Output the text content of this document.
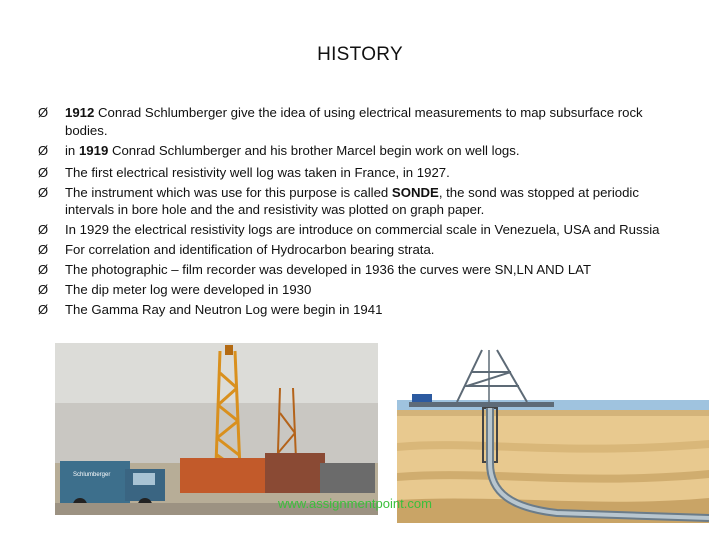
HISTORY
Ø 1912 Conrad Schlumberger give the idea of using electrical measurements to map subsurface rock bodies.
Ø in 1919 Conrad Schlumberger and his brother Marcel begin work on well logs.
Ø The first electrical resistivity well log was taken in France, in 1927.
Ø The instrument which was use for this purpose is called SONDE, the sond was stopped at periodic intervals in bore hole and the and resistivity was plotted on graph paper.
Ø In 1929 the electrical resistivity logs are introduce on commercial scale in Venezuela, USA and Russia
Ø For correlation and identification of Hydrocarbon bearing strata.
Ø The photographic – film recorder was developed in 1936 the curves were SN,LN AND LAT
Ø The dip meter log were developed in 1930
Ø The Gamma Ray and Neutron Log were begin in 1941
Schlumberger
www.assignmentpoint.com
